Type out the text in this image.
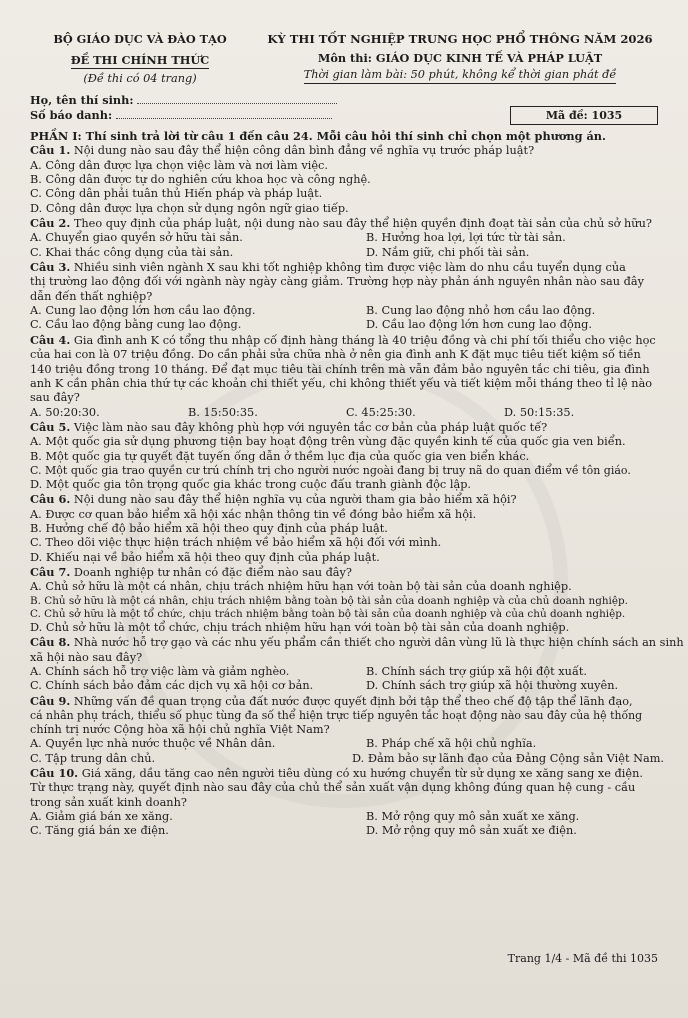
BỘ GIÁO DỤC VÀ ĐÀO TẠO
ĐỀ THI CHÍNH THỨC
(Đề thi có 04 trang)
KỲ THI TỐT NGHIỆP TRUNG HỌC PHỔ THÔNG NĂM 2026
Môn thi: GIÁO DỤC KINH TẾ VÀ PHÁP LUẬT
Thời gian làm bài: 50 phút, không kể thời gian phát đề
Họ, tên thí sinh:
Số báo danh:	Mã đề: 1035
PHẦN I: Thí sinh trả lời từ câu 1 đến câu 24. Mỗi câu hỏi thí sinh chỉ chọn một phương án.
Câu 1. Nội dung nào sau đây thể hiện công dân bình đẳng về nghĩa vụ trước pháp luật?
A. Công dân được lựa chọn việc làm và nơi làm việc.
B. Công dân được tự do nghiên cứu khoa học và công nghệ.
C. Công dân phải tuân thủ Hiến pháp và pháp luật.
D. Công dân được lựa chọn sử dụng ngôn ngữ giao tiếp.
Câu 2. Theo quy định của pháp luật, nội dung nào sau đây thể hiện quyền định đoạt tài sản của chủ sở hữu?
A. Chuyển giao quyền sở hữu tài sản.	B. Hưởng hoa lợi, lợi tức từ tài sản.
C. Khai thác công dụng của tài sản.	D. Nắm giữ, chi phối tài sản.
Câu 3. Nhiều sinh viên ngành X sau khi tốt nghiệp không tìm được việc làm do nhu cầu tuyển dụng của
thị trường lao động đối với ngành này ngày càng giảm. Trường hợp này phản ánh nguyên nhân nào sau đây
dẫn đến thất nghiệp?
A. Cung lao động lớn hơn cầu lao động.	B. Cung lao động nhỏ hơn cầu lao động.
C. Cầu lao động bằng cung lao động.	D. Cầu lao động lớn hơn cung lao động.
Câu 4. Gia đình anh K có tổng thu nhập cố định hàng tháng là 40 triệu đồng và chi phí tối thiểu cho việc học
của hai con là 07 triệu đồng. Do cần phải sửa chữa nhà ở nên gia đình anh K đặt mục tiêu tiết kiệm số tiền
140 triệu đồng trong 10 tháng. Để đạt mục tiêu tài chính trên mà vẫn đảm bảo nguyên tắc chi tiêu, gia đình
anh K cần phân chia thứ tự các khoản chi thiết yếu, chi không thiết yếu và tiết kiệm mỗi tháng theo tỉ lệ nào
sau đây?
A. 50:20:30.	B. 15:50:35.	C. 45:25:30.	D. 50:15:35.
Câu 5. Việc làm nào sau đây không phù hợp với nguyên tắc cơ bản của pháp luật quốc tế?
A. Một quốc gia sử dụng phương tiện bay hoạt động trên vùng đặc quyền kinh tế của quốc gia ven biển.
B. Một quốc gia tự quyết đặt tuyến ống dẫn ở thềm lục địa của quốc gia ven biển khác.
C. Một quốc gia trao quyền cư trú chính trị cho người nước ngoài đang bị truy nã do quan điểm về tôn giáo.
D. Một quốc gia tôn trọng quốc gia khác trong cuộc đấu tranh giành độc lập.
Câu 6. Nội dung nào sau đây thể hiện nghĩa vụ của người tham gia bảo hiểm xã hội?
A. Được cơ quan bảo hiểm xã hội xác nhận thông tin về đóng bảo hiểm xã hội.
B. Hưởng chế độ bảo hiểm xã hội theo quy định của pháp luật.
C. Theo dõi việc thực hiện trách nhiệm về bảo hiểm xã hội đối với mình.
D. Khiếu nại về bảo hiểm xã hội theo quy định của pháp luật.
Câu 7. Doanh nghiệp tư nhân có đặc điểm nào sau đây?
A. Chủ sở hữu là một cá nhân, chịu trách nhiệm hữu hạn với toàn bộ tài sản của doanh nghiệp.
B. Chủ sở hữu là một cá nhân, chịu trách nhiệm bằng toàn bộ tài sản của doanh nghiệp và của chủ doanh nghiệp.
C. Chủ sở hữu là một tổ chức, chịu trách nhiệm bằng toàn bộ tài sản của doanh nghiệp và của chủ doanh nghiệp.
D. Chủ sở hữu là một tổ chức, chịu trách nhiệm hữu hạn với toàn bộ tài sản của doanh nghiệp.
Câu 8. Nhà nước hỗ trợ gạo và các nhu yếu phẩm cần thiết cho người dân vùng lũ là thực hiện chính sách an sinh
xã hội nào sau đây?
A. Chính sách hỗ trợ việc làm và giảm nghèo.	B. Chính sách trợ giúp xã hội đột xuất.
C. Chính sách bảo đảm các dịch vụ xã hội cơ bản.	D. Chính sách trợ giúp xã hội thường xuyên.
Câu 9. Những vấn đề quan trọng của đất nước được quyết định bởi tập thể theo chế độ tập thể lãnh đạo,
cá nhân phụ trách, thiểu số phục tùng đa số thể hiện trực tiếp nguyên tắc hoạt động nào sau đây của hệ thống
chính trị nước Cộng hòa xã hội chủ nghĩa Việt Nam?
A. Quyền lực nhà nước thuộc về Nhân dân.	B. Pháp chế xã hội chủ nghĩa.
C. Tập trung dân chủ.	D. Đảm bảo sự lãnh đạo của Đảng Cộng sản Việt Nam.
Câu 10. Giá xăng, dầu tăng cao nên người tiêu dùng có xu hướng chuyển từ sử dụng xe xăng sang xe điện.
Từ thực trạng này, quyết định nào sau đây của chủ thể sản xuất vận dụng không đúng quan hệ cung - cầu
trong sản xuất kinh doanh?
A. Giảm giá bán xe xăng.	B. Mở rộng quy mô sản xuất xe xăng.
C. Tăng giá bán xe điện.	D. Mở rộng quy mô sản xuất xe điện.
Trang 1/4 - Mã đề thi 1035
